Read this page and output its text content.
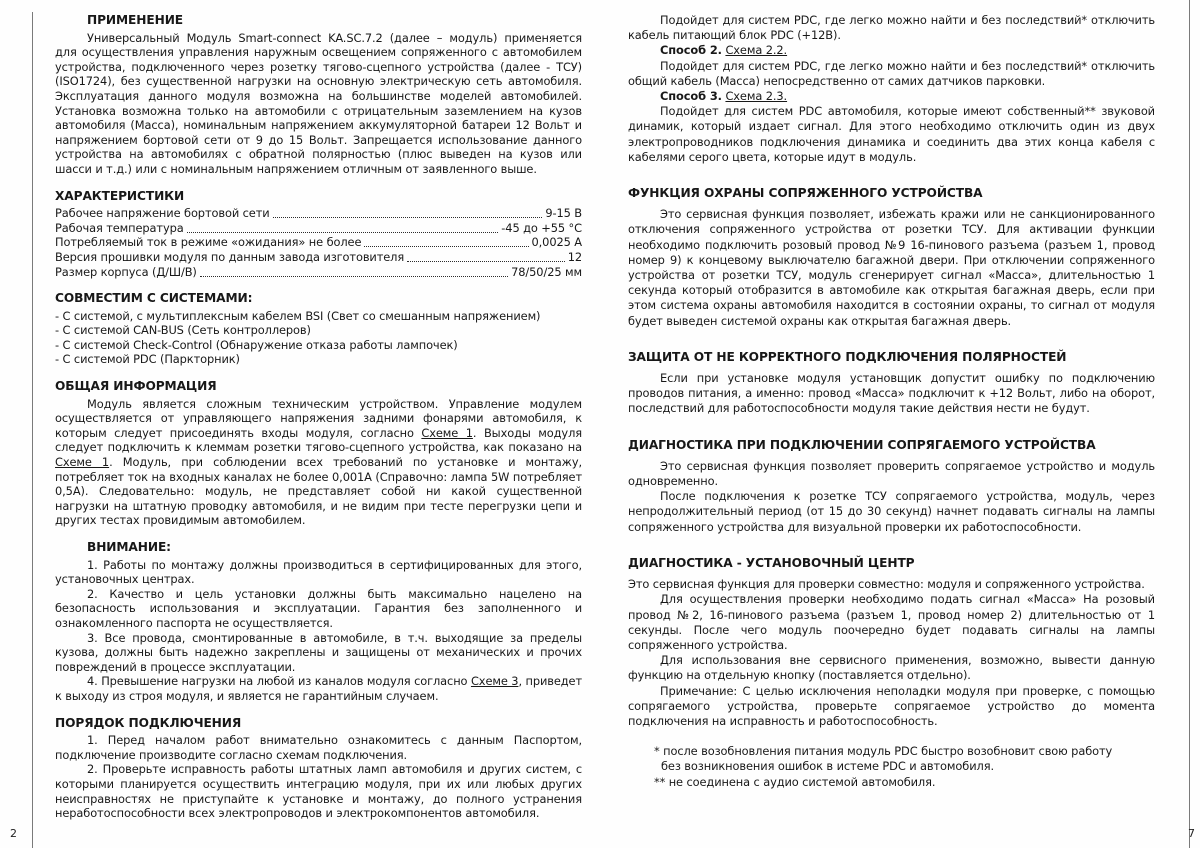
ПРИМЕНЕНИЕ

Универсальный Модуль Smart-connect KA.SC.7.2 (далее – модуль) применяется для осуществления управления наружным освещением сопряженного с автомобилем устройства, подключенного через розетку тягово-сцепного устройства (далее - ТСУ) (ISO1724), без существенной нагрузки на основную электрическую сеть автомобиля. Эксплуатация данного модуля возможна на большинстве моделей автомобилей. Установка возможна только на автомобили с отрицательным заземлением на кузов автомобиля (Масса), номинальным напряжением аккумуляторной батареи 12 Вольт и напряжением бортовой сети от 9 до 15 Вольт. Запрещается использование данного устройства на автомобилях с обратной полярностью (плюс выведен на кузов или шасси и т.д.) или с номинальным напряжением отличным от заявленного выше.

ХАРАКТЕРИСТИКИ
Рабочее напряжение бортовой сети	9-15 В
Рабочая температура	-45 до +55 °C
Потребляемый ток в режиме «ожидания» не более	0,0025 А
Версия прошивки модуля по данным завода изготовителя	12
Размер корпуса (Д/Ш/В)	78/50/25 мм
СОВМЕСТИМ С СИСТЕМАМИ:

- С системой, с мультиплексным кабелем BSI (Свет со смешанным напряжением)

- С системой CAN-BUS (Сеть контроллеров)

- С системой Check-Control (Обнаружение отказа работы лампочек)

- С системой PDC (Паркторник)

ОБЩАЯ ИНФОРМАЦИЯ

Модуль является сложным техническим устройством. Управление модулем осуществляется от управляющего напряжения задними фонарями автомобиля, к которым следует присоединять входы модуля, согласно Схеме 1. Выходы модуля следует подключить к клеммам розетки тягово-сцепного устройства, как показано на Схеме 1. Модуль, при соблюдении всех требований по установке и монтажу, потребляет ток на входных каналах не более 0,001А (Справочно: лампа 5W потребляет 0,5А). Следовательно: модуль, не представляет собой ни какой существенной нагрузки на штатную проводку автомобиля, и не видим при тесте перегрузки цепи и других тестах провидимым автомобилем.

ВНИМАНИЕ:

1. Работы по монтажу должны производиться в сертифицированных для этого, установочных центрах.

2. Качество и цель установки должны быть максимально нацелено на безопасность использования и эксплуатации. Гарантия без заполненного и ознакомленного паспорта не осуществляется.

3. Все провода, смонтированные в автомобиле, в т.ч. выходящие за пределы кузова, должны быть надежно закреплены и защищены от механических и прочих повреждений в процессе эксплуатации.

4. Превышение нагрузки на любой из каналов модуля согласно Схеме 3, приведет к выходу из строя модуля, и является не гарантийным случаем.

ПОРЯДОК ПОДКЛЮЧЕНИЯ

1. Перед началом работ внимательно ознакомитесь с данным Паспортом, подключение производите согласно схемам подключения.

2. Проверьте исправность работы штатных ламп автомобиля и других систем, с которыми планируется осуществить интеграцию модуля, при их или любых других неисправностях не приступайте к установке и монтажу, до полного устранения неработоспособности всех электропроводов и электрокомпонентов автомобиля.

Подойдет для систем PDC, где легко можно найти и без последствий* отключить кабель питающий блок PDC (+12В).

Способ 2. Схема 2.2.

Подойдет для систем PDC, где легко можно найти и без последствий* отключить общий кабель (Масса) непосредственно от самих датчиков парковки.

Способ 3. Схема 2.3.

Подойдет для систем PDC автомобиля, которые имеют собственный** звуковой динамик, который издает сигнал. Для этого необходимо отключить один из двух электропроводников подключения динамика и соединить два этих конца кабеля с кабелями серого цвета, которые идут в модуль.

ФУНКЦИЯ ОХРАНЫ СОПРЯЖЕННОГО УСТРОЙСТВА

Это сервисная функция позволяет, избежать кражи или не санкционированного отключения сопряженного устройства от розетки ТСУ. Для активации функции необходимо подключить розовый провод №9 16-пинового разъема (разъем 1, провод номер 9) к концевому выключателю багажной двери. При отключении сопряженного устройства от розетки ТСУ, модуль сгенерирует сигнал «Масса», длительностью 1 секунда который отобразится в автомобиле как открытая багажная дверь, если при этом система охраны автомобиля находится в состоянии охраны, то сигнал от модуля будет выведен системой охраны как открытая багажная дверь.

ЗАЩИТА ОТ НЕ КОРРЕКТНОГО ПОДКЛЮЧЕНИЯ ПОЛЯРНОСТЕЙ

Если при установке модуля установщик допустит ошибку по подключению проводов питания, а именно: провод «Масса» подключит к +12 Вольт, либо на оборот, последствий для работоспособности модуля такие действия нести не будут.

ДИАГНОСТИКА ПРИ ПОДКЛЮЧЕНИИ СОПРЯГАЕМОГО УСТРОЙСТВА

Это сервисная функция позволяет проверить сопрягаемое устройство и модуль одновременно.

После подключения к розетке ТСУ сопрягаемого устройства, модуль, через непродолжительный период (от 15 до 30 секунд) начнет подавать сигналы на лампы сопряженного устройства для визуальной проверки их работоспособности.

ДИАГНОСТИКА - УСТАНОВОЧНЫЙ ЦЕНТР

Это сервисная функция для проверки совместно: модуля и сопряженного устройства.

Для осуществления проверки необходимо подать сигнал «Масса» На розовый провод №2, 16-пинового разъема (разъем 1, провод номер 2) длительностью от 1 секунды. После чего модуль поочередно будет подавать сигналы на лампы сопряженного устройства.

Для использования вне сервисного применения, возможно, вывести данную функцию на отдельную кнопку (поставляется отдельно).

Примечание: С целью исключения неполадки модуля при проверке, с помощью сопрягаемого устройства, проверьте сопрягаемое устройство до момента подключения на исправность и работоспособность.

* после возобновления питания модуль PDC быстро возобновит свою работу

без возникновения ошибок в истеме PDC и автомобиля.

** не соединена с аудио системой автомобиля.

2	7
